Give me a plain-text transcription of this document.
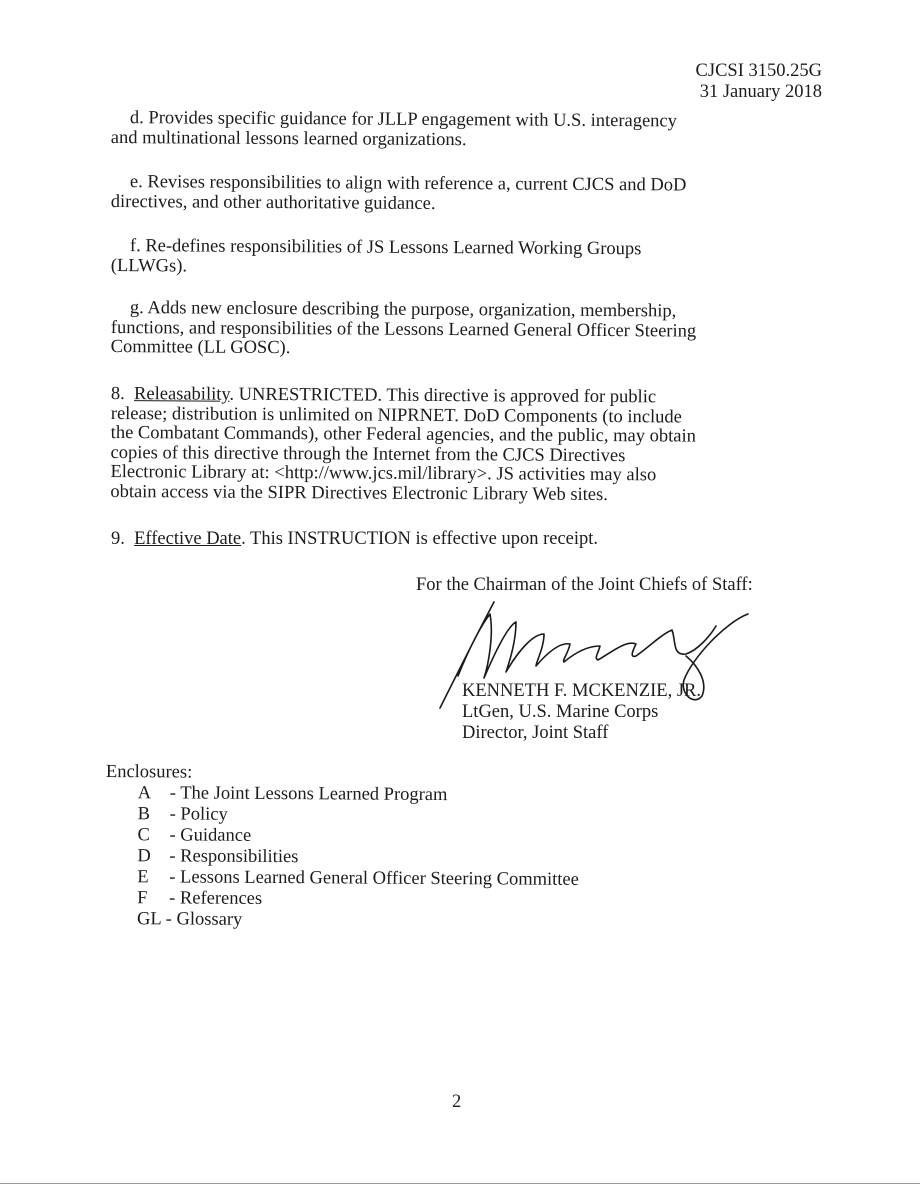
CJCSI 3150.25G
31 January 2018
d. Provides specific guidance for JLLP engagement with U.S. interagency
and multinational lessons learned organizations.
e. Revises responsibilities to align with reference a, current CJCS and DoD
directives, and other authoritative guidance.
f. Re-defines responsibilities of JS Lessons Learned Working Groups
(LLWGs).
g. Adds new enclosure describing the purpose, organization, membership,
functions, and responsibilities of the Lessons Learned General Officer Steering
Committee (LL GOSC).
8. Releasability. UNRESTRICTED. This directive is approved for public
release; distribution is unlimited on NIPRNET. DoD Components (to include
the Combatant Commands), other Federal agencies, and the public, may obtain
copies of this directive through the Internet from the CJCS Directives
Electronic Library at: <http://www.jcs.mil/library>. JS activities may also
obtain access via the SIPR Directives Electronic Library Web sites.
9. Effective Date. This INSTRUCTION is effective upon receipt.
For the Chairman of the Joint Chiefs of Staff:
KENNETH F. MCKENZIE, JR.
LtGen, U.S. Marine Corps
Director, Joint Staff
Enclosures:
A - The Joint Lessons Learned Program
B - Policy
C - Guidance
D - Responsibilities
E - Lessons Learned General Officer Steering Committee
F - References
GL - Glossary
2
